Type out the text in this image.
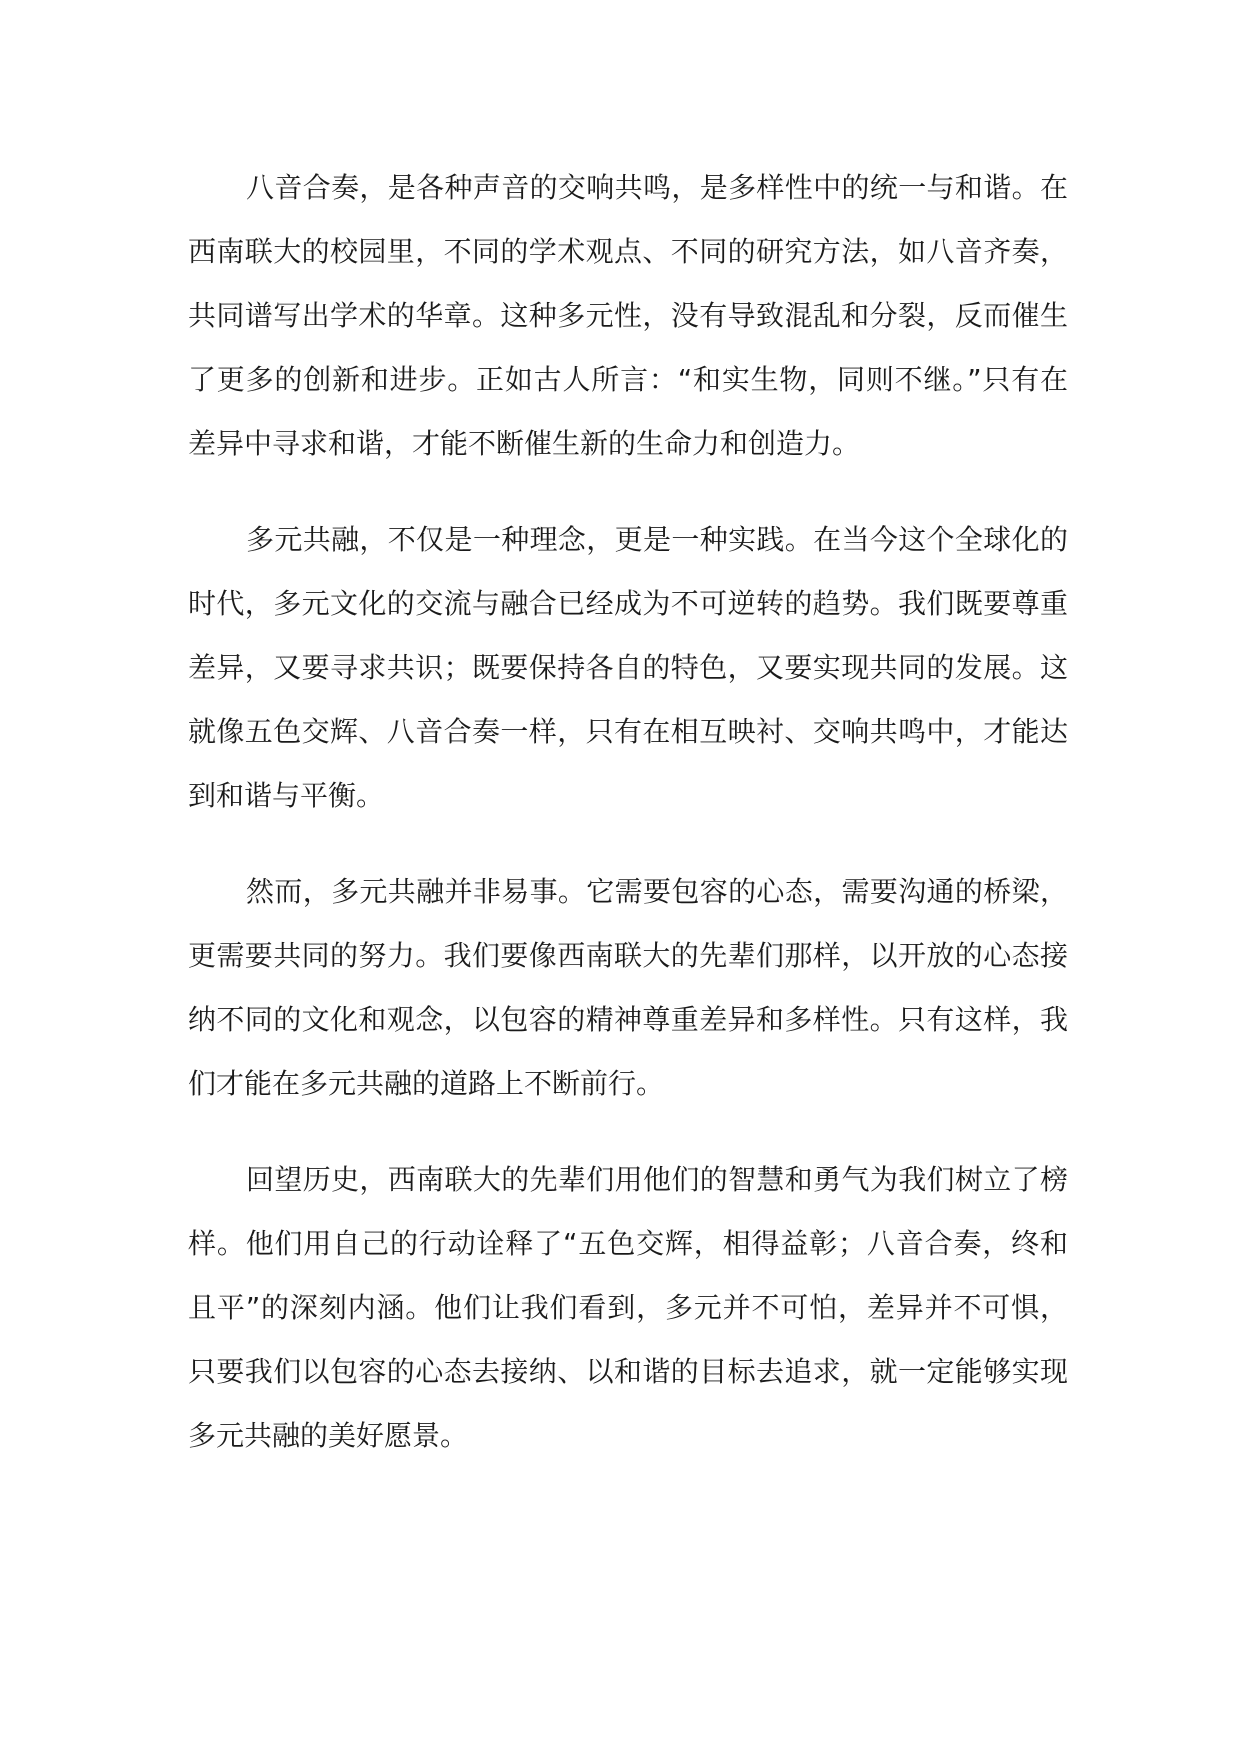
八音合奏，是各种声音的交响共鸣，是多样性中的统一与和谐。在西南联大的校园里，不同的学术观点、不同的研究方法，如八音齐奏，共同谱写出学术的华章。这种多元性，没有导致混乱和分裂，反而催生了更多的创新和进步。正如古人所言：“和实生物，同则不继。”只有在差异中寻求和谐，才能不断催生新的生命力和创造力。

多元共融，不仅是一种理念，更是一种实践。在当今这个全球化的时代，多元文化的交流与融合已经成为不可逆转的趋势。我们既要尊重差异，又要寻求共识；既要保持各自的特色，又要实现共同的发展。这就像五色交辉、八音合奏一样，只有在相互映衬、交响共鸣中，才能达到和谐与平衡。

然而，多元共融并非易事。它需要包容的心态，需要沟通的桥梁，更需要共同的努力。我们要像西南联大的先辈们那样，以开放的心态接纳不同的文化和观念，以包容的精神尊重差异和多样性。只有这样，我们才能在多元共融的道路上不断前行。

回望历史，西南联大的先辈们用他们的智慧和勇气为我们树立了榜样。他们用自己的行动诠释了“五色交辉，相得益彰；八音合奏，终和且平”的深刻内涵。他们让我们看到，多元并不可怕，差异并不可惧，只要我们以包容的心态去接纳、以和谐的目标去追求，就一定能够实现多元共融的美好愿景。
